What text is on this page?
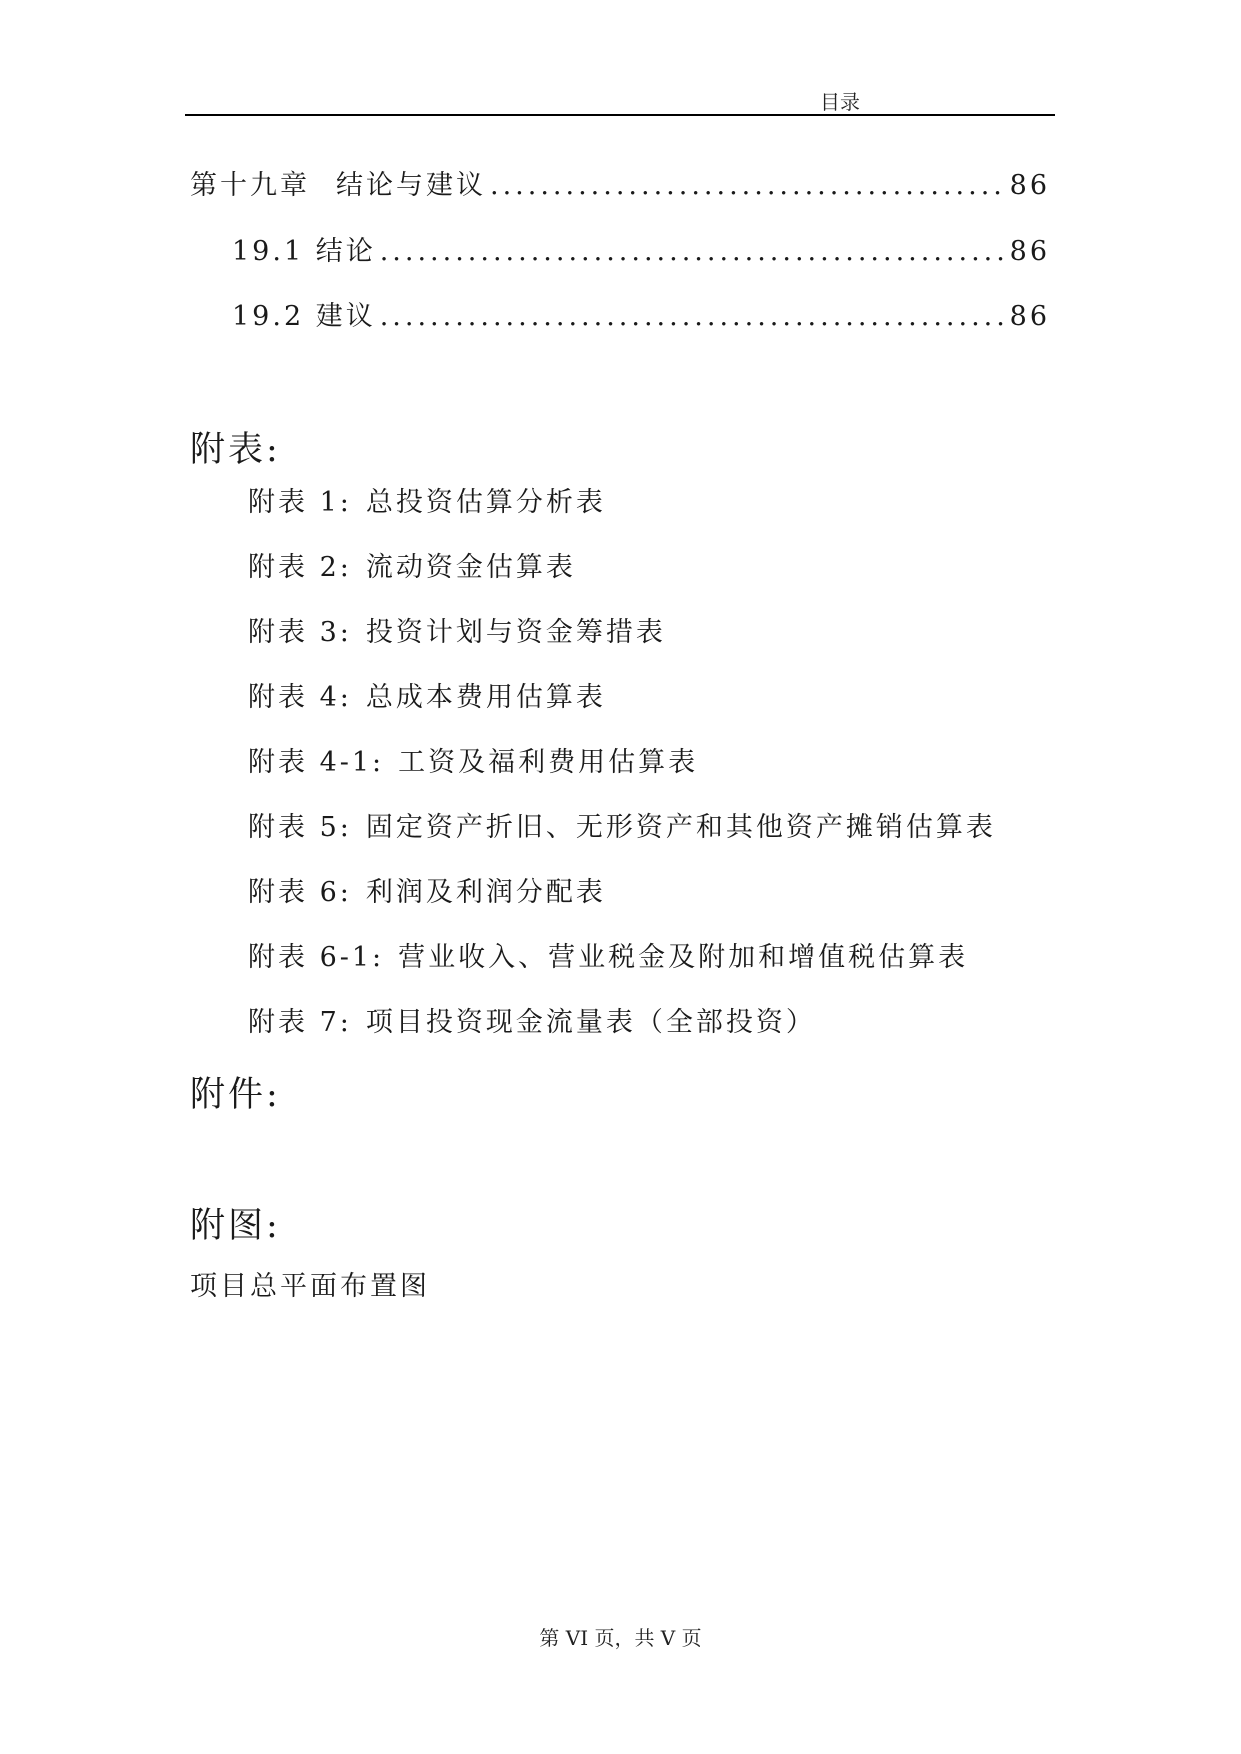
目录
第十九章 结论与建议 .....	86
19.1 结论 .....	86
19.2 建议 .....	86
附表:
附表 1: 总投资估算分析表
附表 2: 流动资金估算表
附表 3: 投资计划与资金筹措表
附表 4: 总成本费用估算表
附表 4-1: 工资及福利费用估算表
附表 5: 固定资产折旧、无形资产和其他资产摊销估算表
附表 6: 利润及利润分配表
附表 6-1: 营业收入、营业税金及附加和增值税估算表
附表 7: 项目投资现金流量表（全部投资）
附件:
附图:
项目总平面布置图
第 VI 页，共 V 页
